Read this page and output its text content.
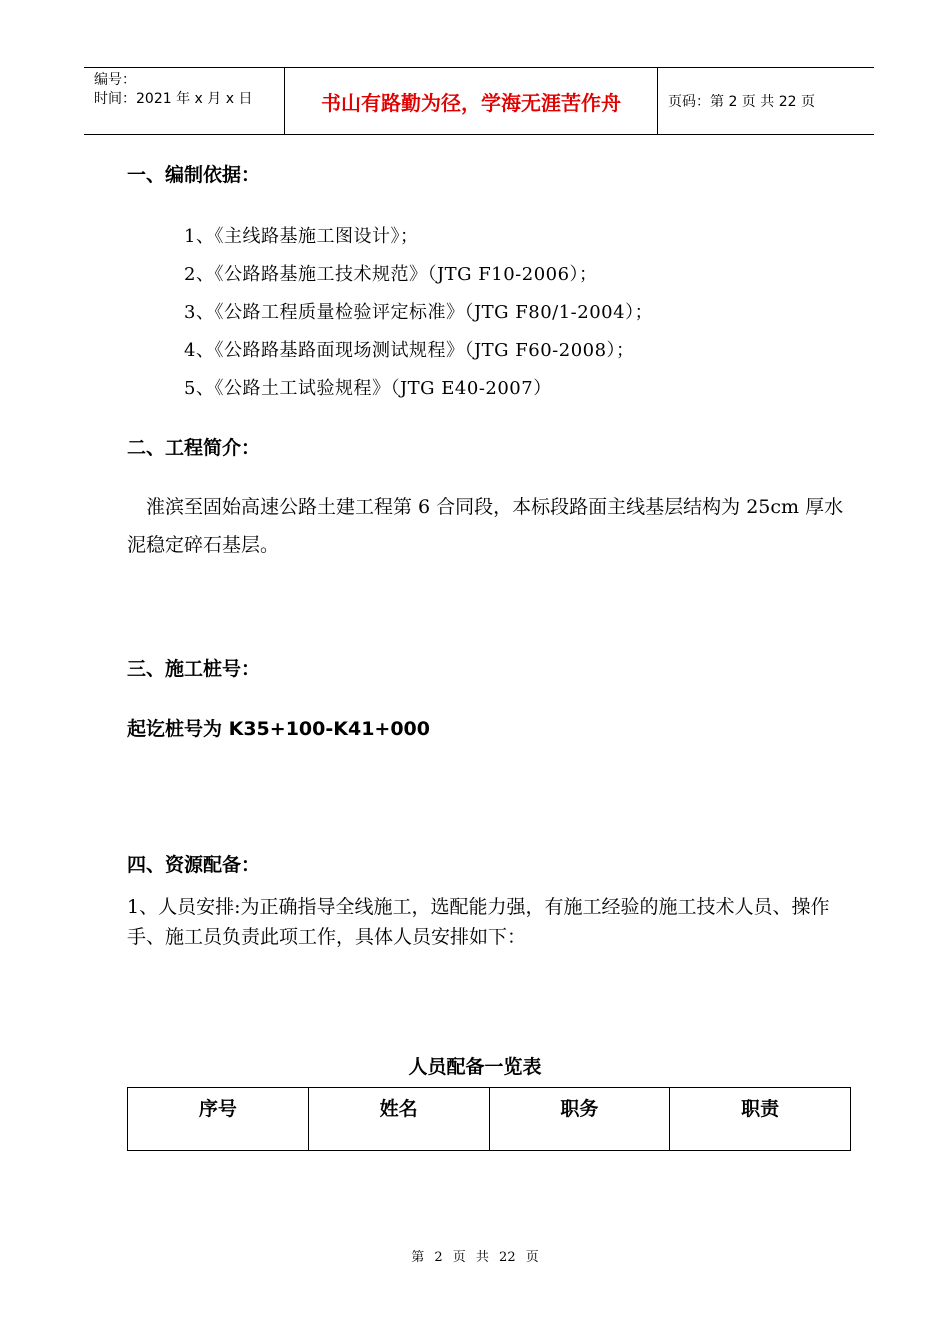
编号：
时间：2021 年 x 月 x 日	书山有路勤为径，学海无涯苦作舟	页码：第 2 页 共 22 页
一、编制依据：
1、《主线路基施工图设计》；
2、《公路路基施工技术规范》（JTG F10-2006）；
3、《公路工程质量检验评定标准》（JTG F80/1-2004）；
4、《公路路基路面现场测试规程》（JTG F60-2008）；
5、《公路土工试验规程》（JTG E40-2007）
二、工程简介：
淮滨至固始高速公路土建工程第 6 合同段，本标段路面主线基层结构为 25cm 厚水泥稳定碎石基层。
三、施工桩号：
起讫桩号为 K35+100-K41+000
四、资源配备：
1、人员安排:为正确指导全线施工，选配能力强，有施工经验的施工技术人员、操作手、施工员负责此项工作，具体人员安排如下：
人员配备一览表
序号	姓名	职务	职责
第 2 页 共 22 页
